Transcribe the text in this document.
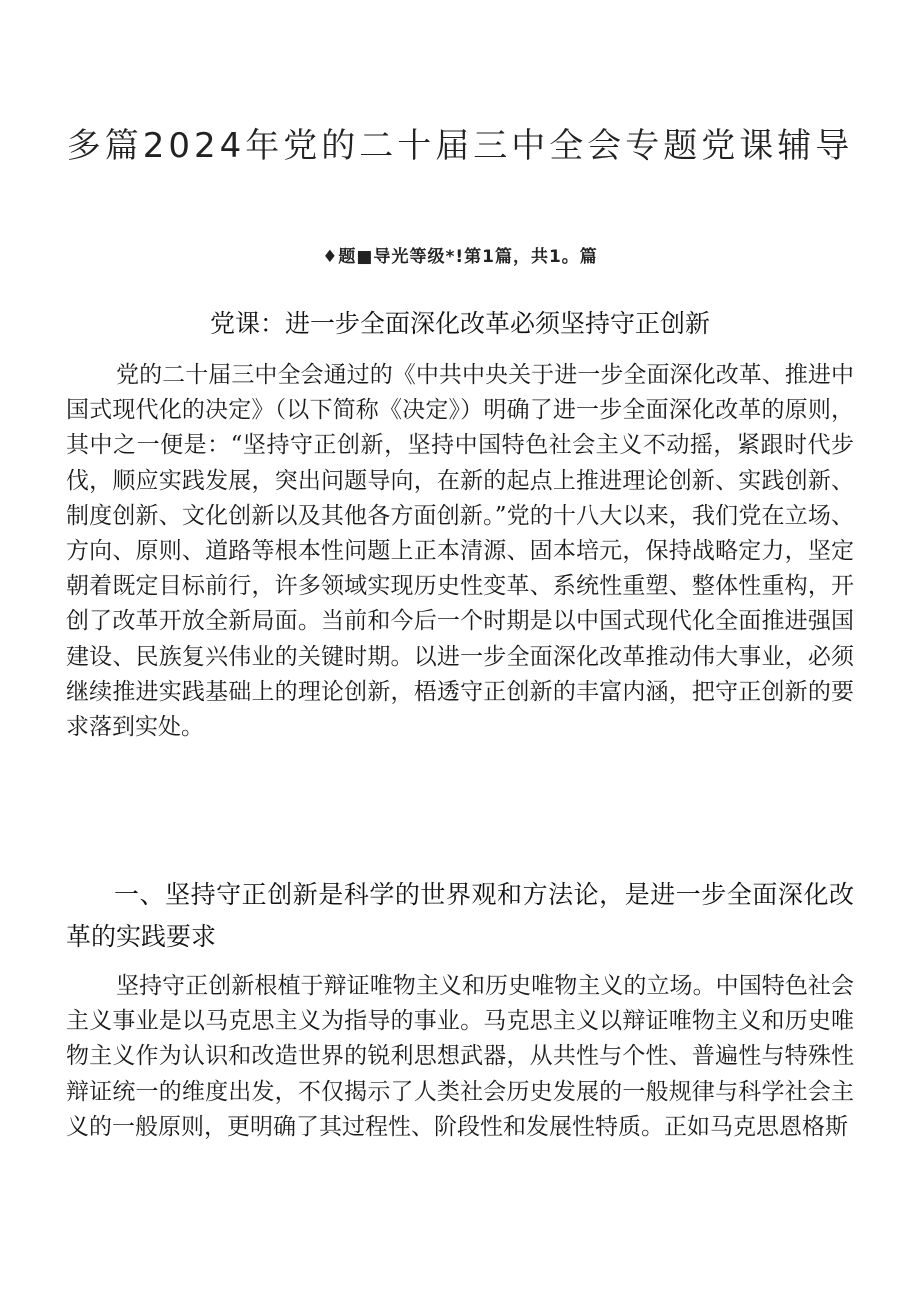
多篇2024年党的二十届三中全会专题党课辅导
♦题■导光等级*!第1篇，共1。篇
党课：进一步全面深化改革必须坚持守正创新

党的二十届三中全会通过的《中共中央关于进一步全面深化改革、推进中国式现代化的决定》（以下简称《决定》）明确了进一步全面深化改革的原则，其中之一便是：“坚持守正创新，坚持中国特色社会主义不动摇，紧跟时代步伐，顺应实践发展，突出问题导向，在新的起点上推进理论创新、实践创新、制度创新、文化创新以及其他各方面创新。”党的十八大以来，我们党在立场、方向、原则、道路等根本性问题上正本清源、固本培元，保持战略定力，坚定朝着既定目标前行，许多领域实现历史性变革、系统性重塑、整体性重构，开创了改革开放全新局面。当前和今后一个时期是以中国式现代化全面推进强国建设、民族复兴伟业的关键时期。以进一步全面深化改革推动伟大事业，必须继续推进实践基础上的理论创新，梧透守正创新的丰富内涵，把守正创新的要求落到实处。

一、坚持守正创新是科学的世界观和方法论，是进一步全面深化改革的实践要求

坚持守正创新根植于辩证唯物主义和历史唯物主义的立场。中国特色社会主义事业是以马克思主义为指导的事业。马克思主义以辩证唯物主义和历史唯物主义作为认识和改造世界的锐利思想武器，从共性与个性、普遍性与特殊性辩证统一的维度出发，不仅揭示了人类社会历史发展的一般规律与科学社会主义的一般原则，更明确了其过程性、阶段性和发展性特质。正如马克思恩格斯
